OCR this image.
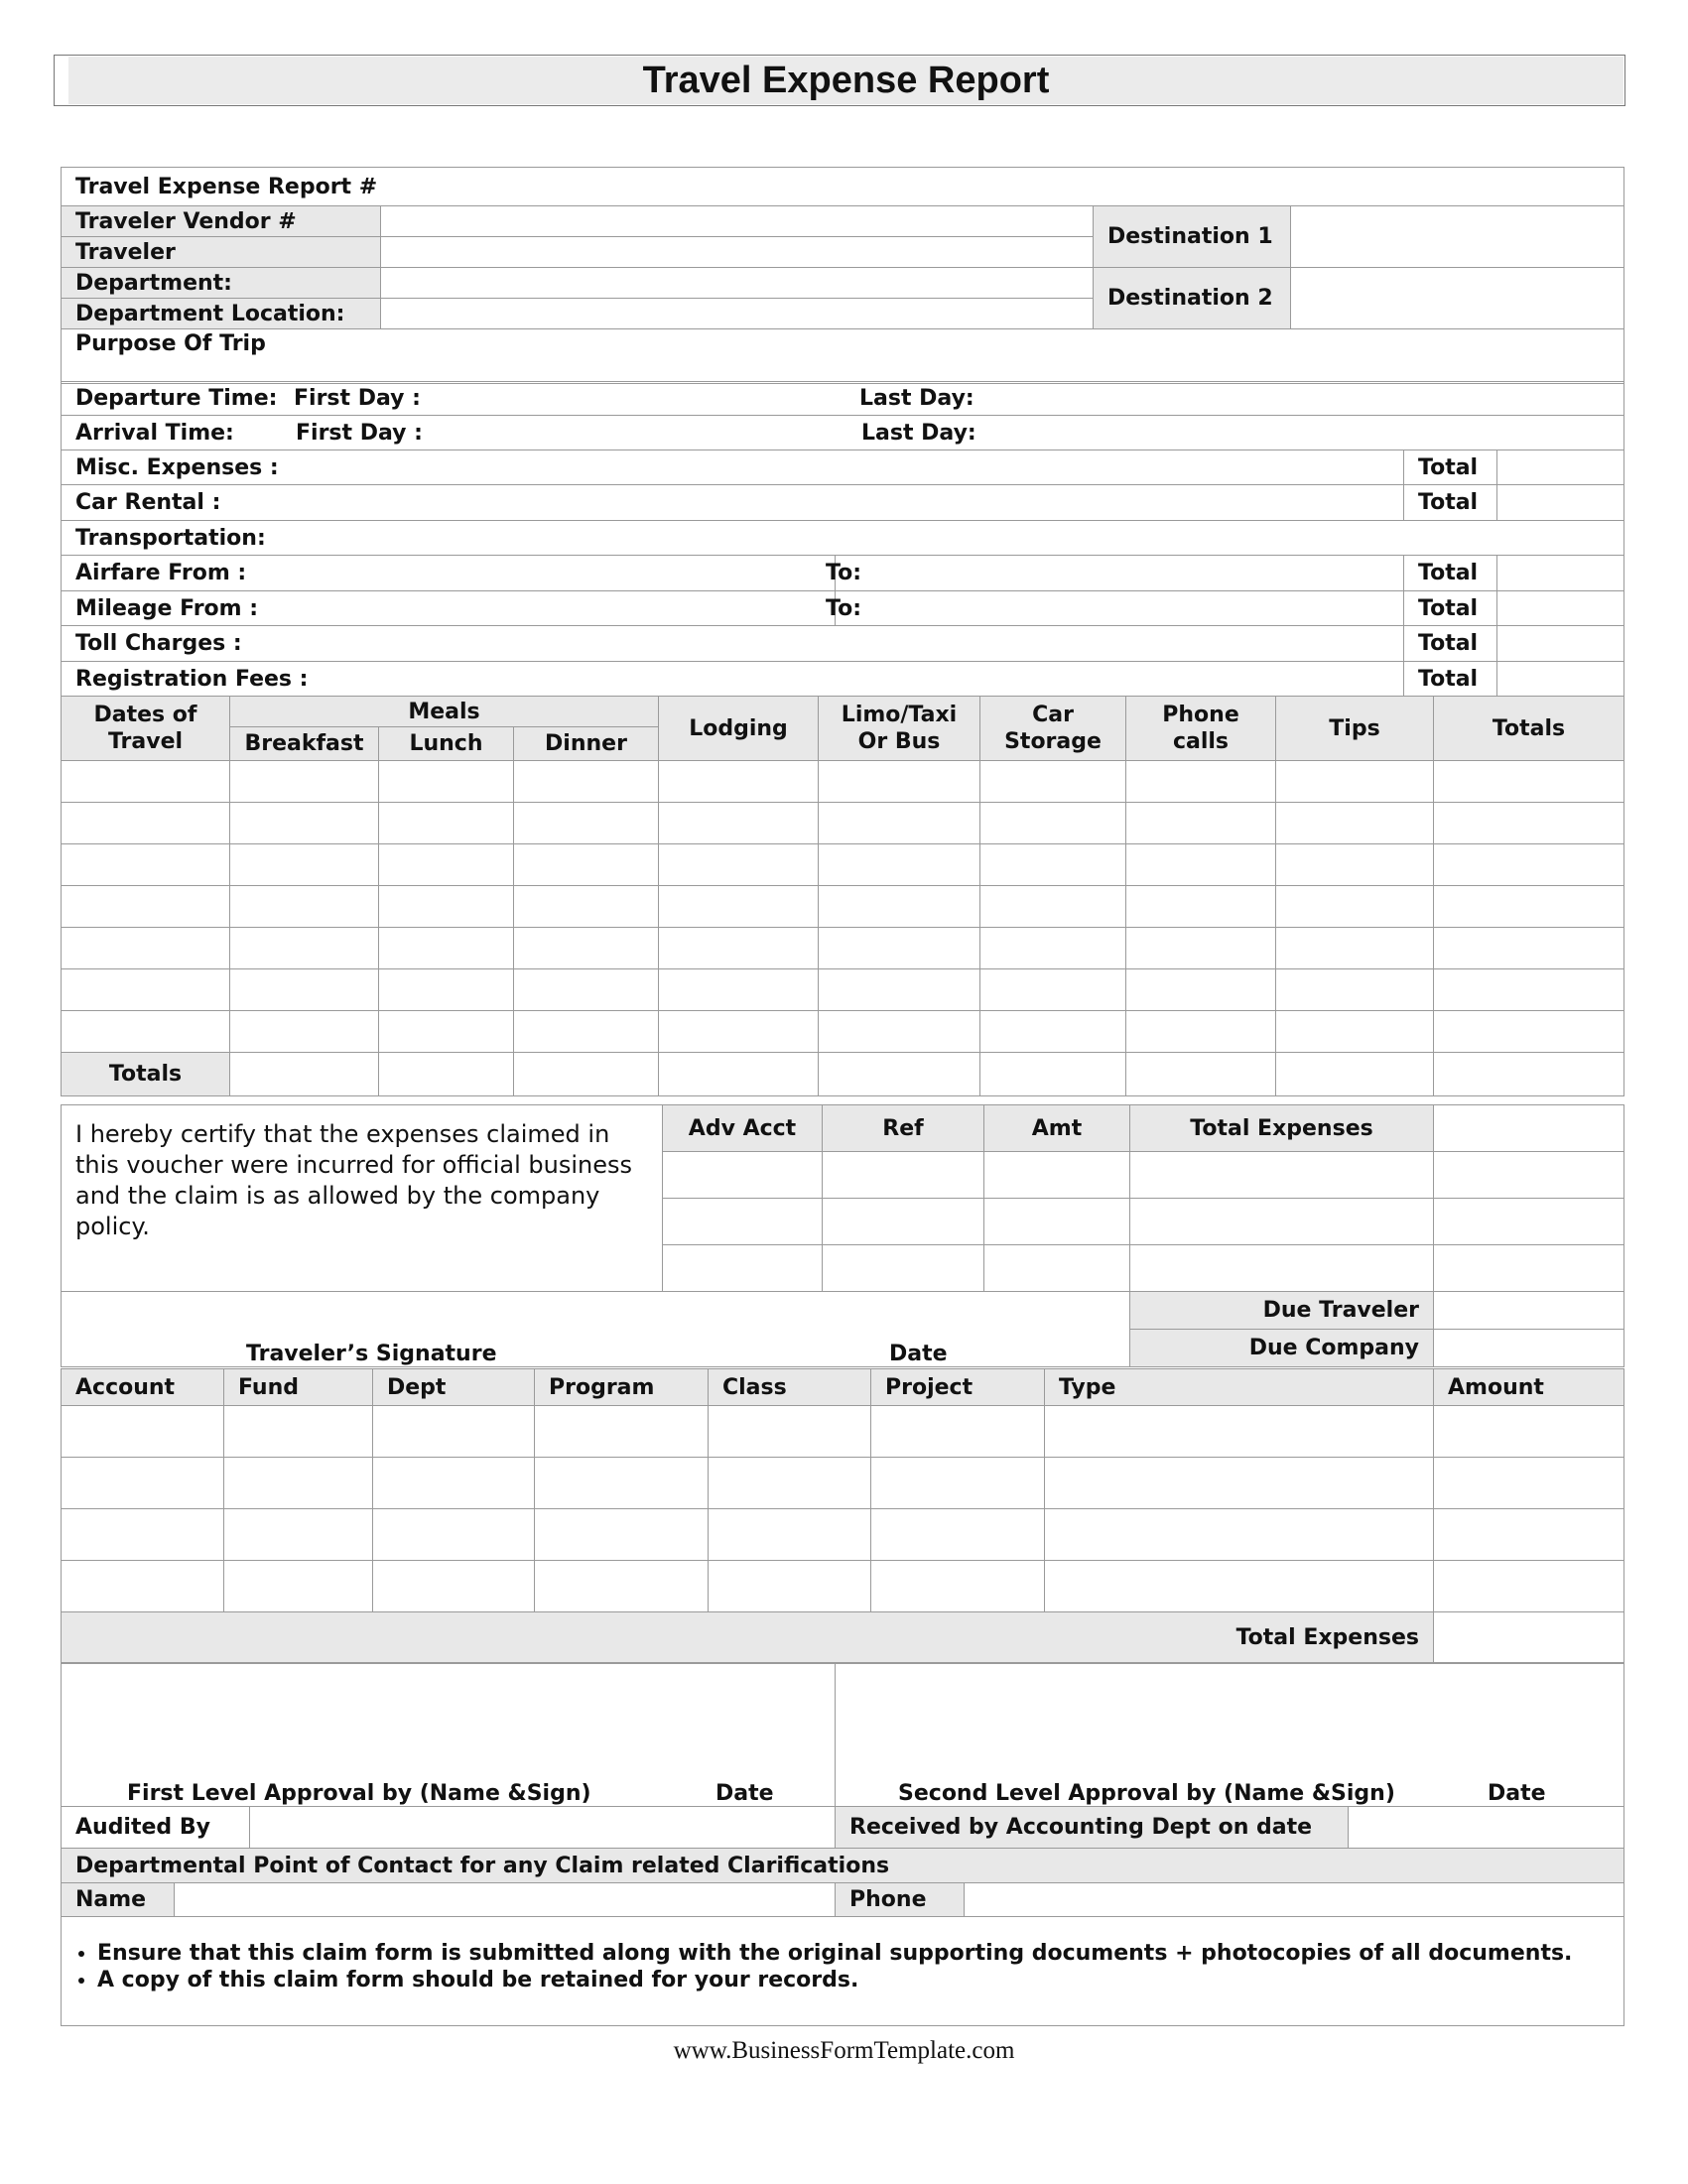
Travel Expense Report
Travel Expense Report #			
Traveler Vendor #		Destination 1	
Traveler			
Department:		Destination 2	
Department Location:			
Purpose Of Trip			
Departure Time: First Day : Last Day:			
Arrival Time: First Day : Last Day:			
Misc. Expenses :		Total	
Car Rental :		Total	
Transportation:			
Airfare From :	To:	Total	
Mileage From :	To:	Total	
Toll Charges :		Total	
Registration Fees :		Total	
Dates of Travel	Meals			Lodging	Limo/Taxi Or Bus	Car Storage	Phone calls	Tips	Totals
	Breakfast	Lunch	Dinner						

Totals									
I hereby certify that the expenses claimed in this voucher were incurred for official business and the claim is as allowed by the company policy.	Adv Acct	Ref	Amt	Total Expenses	

Traveler’s Signature Date				Due Traveler	
				Due Company	
Account	Fund	Dept	Program	Class	Project	Type	Amount

Total Expenses							
First Level Approval by (Name &Sign) Date		Second Level Approval by (Name &Sign) Date	
Audited By		Received by Accounting Dept on date	
Departmental Point of Contact for any Claim related Clarifications			
Name		Phone	

• Ensure that this claim form is submitted along with the original supporting documents + photocopies of all documents.
• A copy of this claim form should be retained for your records.
www.BusinessFormTemplate.com
